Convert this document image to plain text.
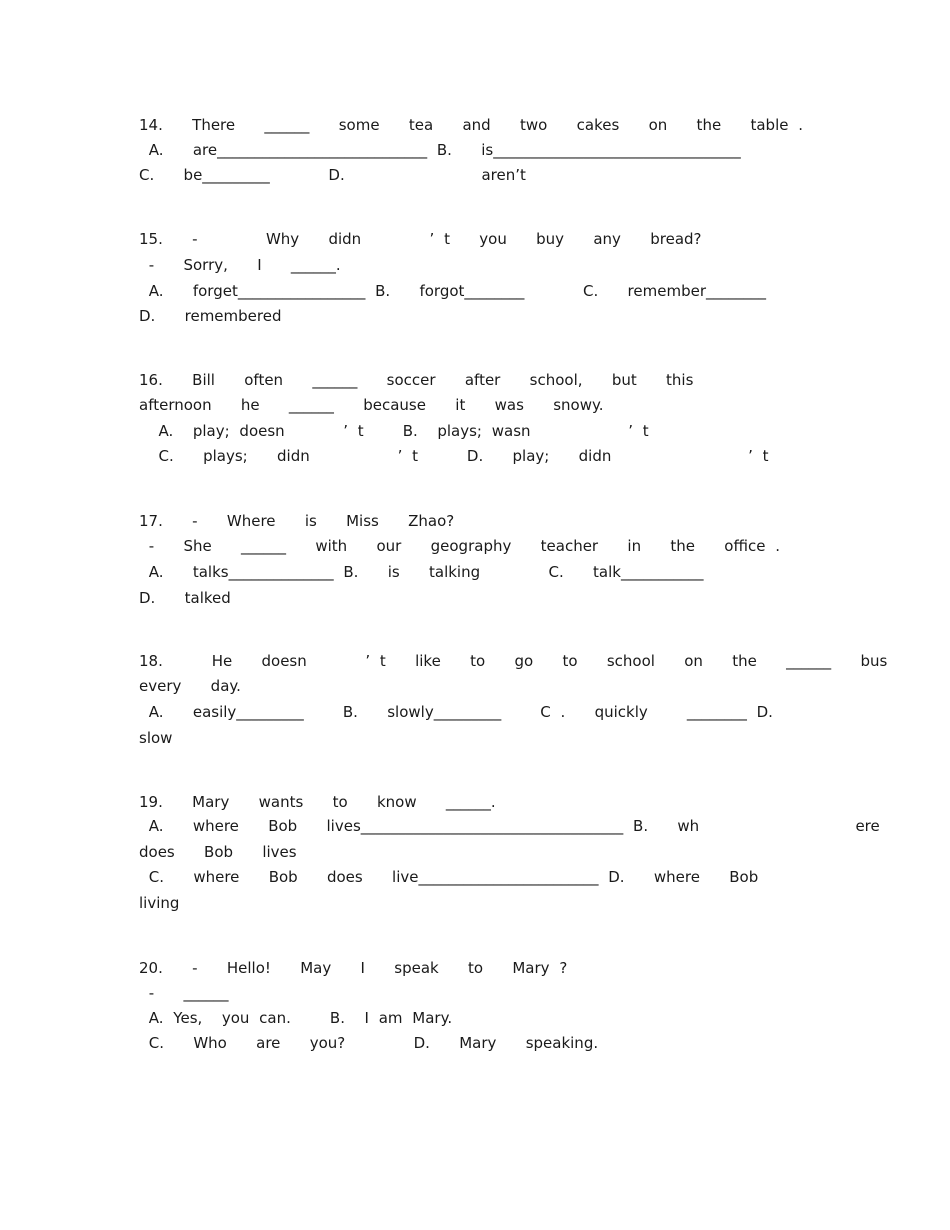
14.   There   ______   some   tea   and   two   cakes   on   the   table .
A.   are____________________________ B.   is_________________________________
C.   be_________      D.              aren’t
15.   -       Why   didn       ’ t   you   buy   any   bread?
-   Sorry,   I   ______.
A.   forget_________________ B.   forgot________      C.   remember________
D.   remembered
16.   Bill   often   ______   soccer   after   school,   but   this
afternoon   he   ______   because   it   was   snowy.
A.  play; doesn      ’ t    B.  plays; wasn          ’ t
C.   plays;   didn         ’ t     D.   play;   didn              ’ t
17.   -   Where   is   Miss   Zhao?
-   She   ______   with   our   geography   teacher   in   the   office .
A.   talks______________ B.   is   talking       C.   talk___________
D.   talked
18.     He   doesn      ’ t   like   to   go   to   school   on   the   ______   bus
every   day.
A.   easily_________    B.   slowly_________    C .   quickly    ________ D.
slow
19.   Mary   wants   to   know   ______.
A.   where   Bob   lives___________________________________ B.   wh                ere
does   Bob   lives
C.   where   Bob   does   live________________________ D.   where   Bob
living
20.   -   Hello!   May   I   speak   to   Mary ?
-   ______
A. Yes,  you can.    B.  I am Mary.
C.   Who   are   you?       D.   Mary   speaking.
